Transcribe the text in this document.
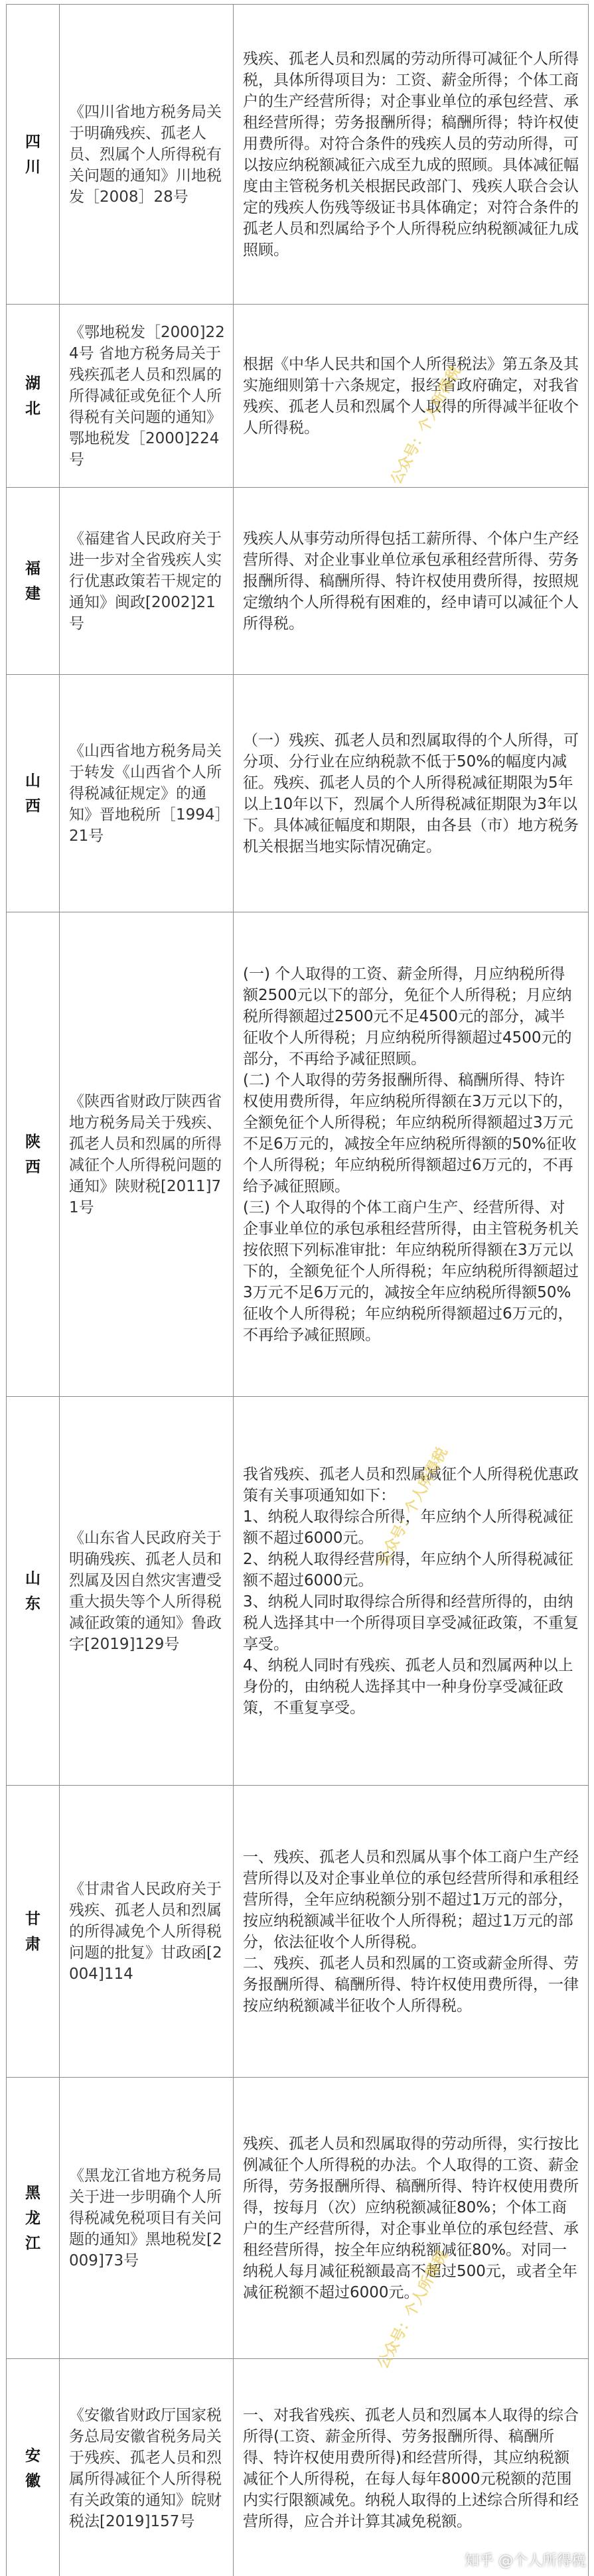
四川	《四川省地方税务局关于明确残疾、孤老人员、烈属个人所得税有关问题的通知》川地税发［2008］28号	残疾、孤老人员和烈属的劳动所得可减征个人所得税，具体所得项目为：工资、薪金所得；个体工商户的生产经营所得；对企事业单位的承包经营、承租经营所得；劳务报酬所得；稿酬所得；特许权使用费所得。对符合条件的残疾人员的劳动所得，可以按应纳税额减征六成至九成的照顾。具体减征幅度由主管税务机关根据民政部门、残疾人联合会认定的残疾人伤残等级证书具体确定；对符合条件的孤老人员和烈属给予个人所得税应纳税额减征九成照顾。

湖北	《鄂地税发［2000]224号 省地方税务局关于残疾孤老人员和烈属的所得减征或免征个人所得税有关问题的通知》鄂地税发［2000]224号	根据《中华人民共和国个人所得税法》第五条及其实施细则第十六条规定，报经省政府确定，对我省残疾、孤老人员和烈属个人取得的所得减半征收个人所得税。

福建	《福建省人民政府关于进一步对全省残疾人实行优惠政策若干规定的通知》闽政[2002]21号	残疾人从事劳动所得包括工薪所得、个体户生产经营所得、对企业事业单位承包承租经营所得、劳务报酬所得、稿酬所得、特许权使用费所得，按照规定缴纳个人所得税有困难的，经申请可以减征个人所得税。

山西	《山西省地方税务局关于转发《山西省个人所得税减征规定》的通知》晋地税所［1994］21号	（一）残疾、孤老人员和烈属取得的个人所得，可分项、分行业在应纳税款不低于50%的幅度内减征。残疾、孤老人员的个人所得税减征期限为5年以上10年以下，烈属个人所得税减征期限为3年以下。具体减征幅度和期限，由各县（市）地方税务机关根据当地实际情况确定。

陕西	《陕西省财政厅陕西省地方税务局关于残疾、孤老人员和烈属的所得减征个人所得税问题的通知》陕财税[2011]71号	(一) 个人取得的工资、薪金所得，月应纳税所得额2500元以下的部分，免征个人所得税；月应纳税所得额超过2500元不足4500元的部分，减半征收个人所得税；月应纳税所得额超过4500元的部分，不再给予减征照顾。

(二) 个人取得的劳务报酬所得、稿酬所得、特许权使用费所得，年应纳税所得额在3万元以下的，全额免征个人所得税；年应纳税所得额超过3万元不足6万元的，减按全年应纳税所得额的50%征收个人所得税；年应纳税所得额超过6万元的，不再给予减征照顾。

(三) 个人取得的个体工商户生产、经营所得、对企事业单位的承包承租经营所得，由主管税务机关按依照下列标准审批：年应纳税所得额在3万元以下的，全额免征个人所得税；年应纳税所得额超过3万元不足6万元的，减按全年应纳税所得额50%征收个人所得税；年应纳税所得额超过6万元的，不再给予减征照顾。

山东	《山东省人民政府关于明确残疾、孤老人员和烈属及因自然灾害遭受重大损失等个人所得税减征政策的通知》鲁政字[2019]129号	我省残疾、孤老人员和烈属减征个人所得税优惠政策有关事项通知如下：

1、纳税人取得综合所得，年应纳个人所得税减征额不超过6000元。

2、纳税人取得经营所得，年应纳个人所得税减征额不超过6000元。

3、纳税人同时取得综合所得和经营所得的，由纳税人选择其中一个所得项目享受减征政策，不重复享受。

4、纳税人同时有残疾、孤老人员和烈属两种以上身份的，由纳税人选择其中一种身份享受减征政策，不重复享受。

甘肃	《甘肃省人民政府关于残疾、孤老人员和烈属的所得减免个人所得税问题的批复》甘政函[2004]114	一、残疾、孤老人员和烈属从事个体工商户生产经营所得以及对企事业单位的承包经营所得和承租经营所得，全年应纳税额分别不超过1万元的部分，按应纳税额减半征收个人所得税；超过1万元的部分，依法征收个人所得税。

二、残疾、孤老人员和烈属的工资或薪金所得、劳务报酬所得、稿酬所得、特许权使用费所得，一律按应纳税额减半征收个人所得税。

黑龙江	《黑龙江省地方税务局关于进一步明确个人所得税减免税项目有关问题的通知》黑地税发[2009]73号	残疾、孤老人员和烈属取得的劳动所得，实行按比例减征个人所得税的办法。个人取得的工资、薪金所得，劳务报酬所得、稿酬所得、特许权使用费所得，按每月（次）应纳税额减征80%；个体工商户的生产经营所得，对企事业单位的承包经营、承租经营所得，按全年应纳税额减征80%。对同一纳税人每月减征税额最高不超过500元，或者全年减征税额不超过6000元。

安徽	《安徽省财政厅国家税务总局安徽省税务局关于残疾、孤老人员和烈属所得减征个人所得税有关政策的通知》皖财税法[2019]157号	一、对我省残疾、孤老人员和烈属本人取得的综合所得(工资、薪金所得、劳务报酬所得、稿酬所得、特许权使用费所得)和经营所得，其应纳税额减征个人所得税，在每人每年8000元税额的范围内实行限额减免。纳税人取得的上述综合所得和经营所得，应合并计算其减免税额。

公众号：个人所得税
公众号：个人所得税
公众号：个人所得税
知乎 @个人所得税
